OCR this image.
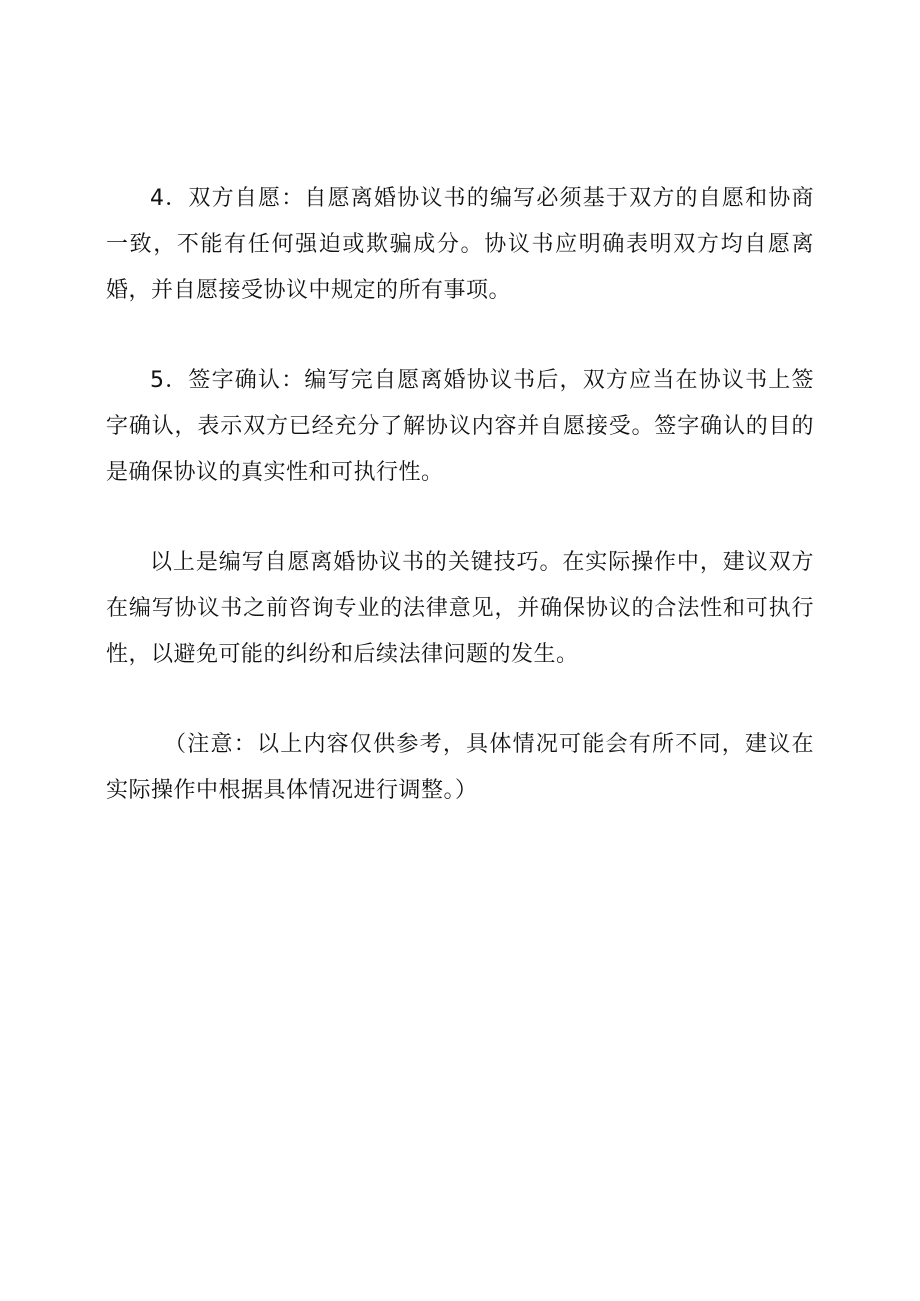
4．双方自愿：自愿离婚协议书的编写必须基于双方的自愿和协商一致，不能有任何强迫或欺骗成分。协议书应明确表明双方均自愿离婚，并自愿接受协议中规定的所有事项。

5．签字确认：编写完自愿离婚协议书后，双方应当在协议书上签字确认，表示双方已经充分了解协议内容并自愿接受。签字确认的目的是确保协议的真实性和可执行性。

以上是编写自愿离婚协议书的关键技巧。在实际操作中，建议双方在编写协议书之前咨询专业的法律意见，并确保协议的合法性和可执行性，以避免可能的纠纷和后续法律问题的发生。

（注意：以上内容仅供参考，具体情况可能会有所不同，建议在实际操作中根据具体情况进行调整。）
